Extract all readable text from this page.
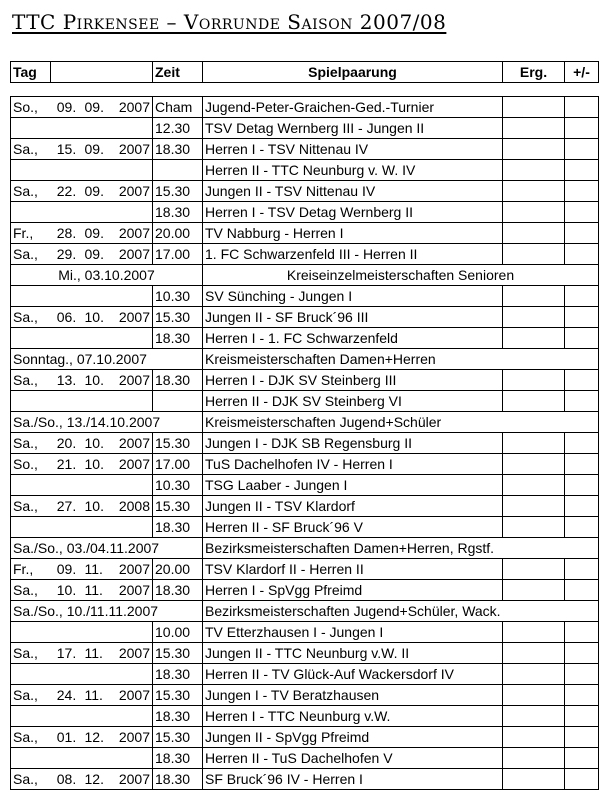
TTC Pirkensee – Vorrunde Saison 2007/08
Tag				Zeit	Spielpaarung	Erg.	+/-

So.,	09.	09.	2007	Cham	Jugend-Peter-Graichen-Ged.-Turnier		
				12.30	TSV Detag Wernberg III - Jungen II		
Sa.,	15.	09.	2007	18.30	Herren I - TSV Nittenau IV		
					Herren II - TTC Neunburg v. W. IV		
Sa.,	22.	09.	2007	15.30	Jungen II - TSV Nittenau IV		
				18.30	Herren I - TSV Detag Wernberg II		
Fr.,	28.	09.	2007	20.00	TV Nabburg - Herren I		
Sa.,	29.	09.	2007	17.00	1. FC Schwarzenfeld III - Herren II		
Mi., 03.10.2007					Kreiseinzelmeisterschaften Senioren		
				10.30	SV Sünching - Jungen I		
Sa.,	06.	10.	2007	15.30	Jungen II - SF Bruck´96 III		
				18.30	Herren I - 1. FC Schwarzenfeld		
Sonntag., 07.10.2007					Kreismeisterschaften Damen+Herren		
Sa.,	13.	10.	2007	18.30	Herren I - DJK SV Steinberg III		
					Herren II - DJK SV Steinberg VI		
Sa./So., 13./14.10.2007					Kreismeisterschaften Jugend+Schüler		
Sa.,	20.	10.	2007	15.30	Jungen I - DJK SB Regensburg II		
So.,	21.	10.	2007	17.00	TuS Dachelhofen IV - Herren I		
				10.30	TSG Laaber - Jungen I		
Sa.,	27.	10.	2008	15.30	Jungen II - TSV Klardorf		
				18.30	Herren II - SF Bruck´96 V		
Sa./So., 03./04.11.2007					Bezirksmeisterschaften Damen+Herren, Rgstf.		
Fr.,	09.	11.	2007	20.00	TSV Klardorf II - Herren II		
Sa.,	10.	11.	2007	18.30	Herren I - SpVgg Pfreimd		
Sa./So., 10./11.11.2007					Bezirksmeisterschaften Jugend+Schüler, Wack.		
				10.00	TV Etterzhausen I - Jungen I		
Sa.,	17.	11.	2007	15.30	Jungen II - TTC Neunburg v.W. II		
				18.30	Herren II - TV Glück-Auf Wackersdorf IV		
Sa.,	24.	11.	2007	15.30	Jungen I - TV Beratzhausen		
				18.30	Herren I - TTC Neunburg v.W.		
Sa.,	01.	12.	2007	15.30	Jungen II - SpVgg Pfreimd		
				18.30	Herren II - TuS Dachelhofen V		
Sa.,	08.	12.	2007	18.30	SF Bruck´96 IV - Herren I		
